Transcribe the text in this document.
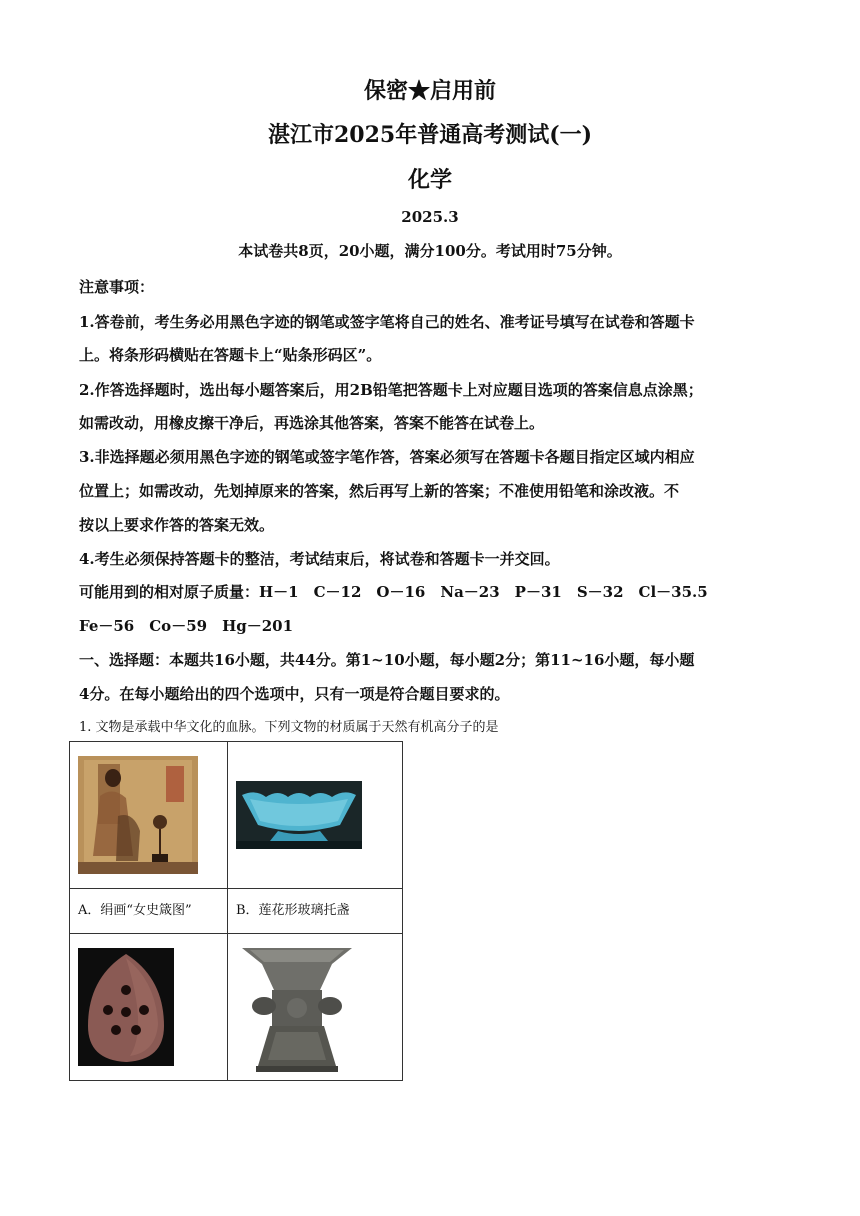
保密★启用前
湛江市2025年普通高考测试(一)
化学
2025.3
本试卷共8页，20小题，满分100分。考试用时75分钟。
注意事项：
1.答卷前，考生务必用黑色字迹的钢笔或签字笔将自己的姓名、准考证号填写在试卷和答题卡
上。将条形码横贴在答题卡上“贴条形码区”。
2.作答选择题时，选出每小题答案后，用2B铅笔把答题卡上对应题目选项的答案信息点涂黑；
如需改动，用橡皮擦干净后，再选涂其他答案，答案不能答在试卷上。
3.非选择题必须用黑色字迹的钢笔或签字笔作答，答案必须写在答题卡各题目指定区域内相应
位置上；如需改动，先划掉原来的答案，然后再写上新的答案；不准使用铅笔和涂改液。不
按以上要求作答的答案无效。
4.考生必须保持答题卡的整洁，考试结束后，将试卷和答题卡一并交回。
可能用到的相对原子质量：H－1　C－12　O－16　Na－23　P－31　S－32　Cl－35.5
Fe－56　Co－59　Hg－201
一、选择题：本题共16小题，共44分。第1~10小题，每小题2分；第11~16小题，每小题
4分。在每小题给出的四个选项中，只有一项是符合题目要求的。
1. 文物是承载中华文化的血脉。下列文物的材质属于天然有机高分子的是

A．绢画“女史箴图”	B．莲花形玻璃托盏
